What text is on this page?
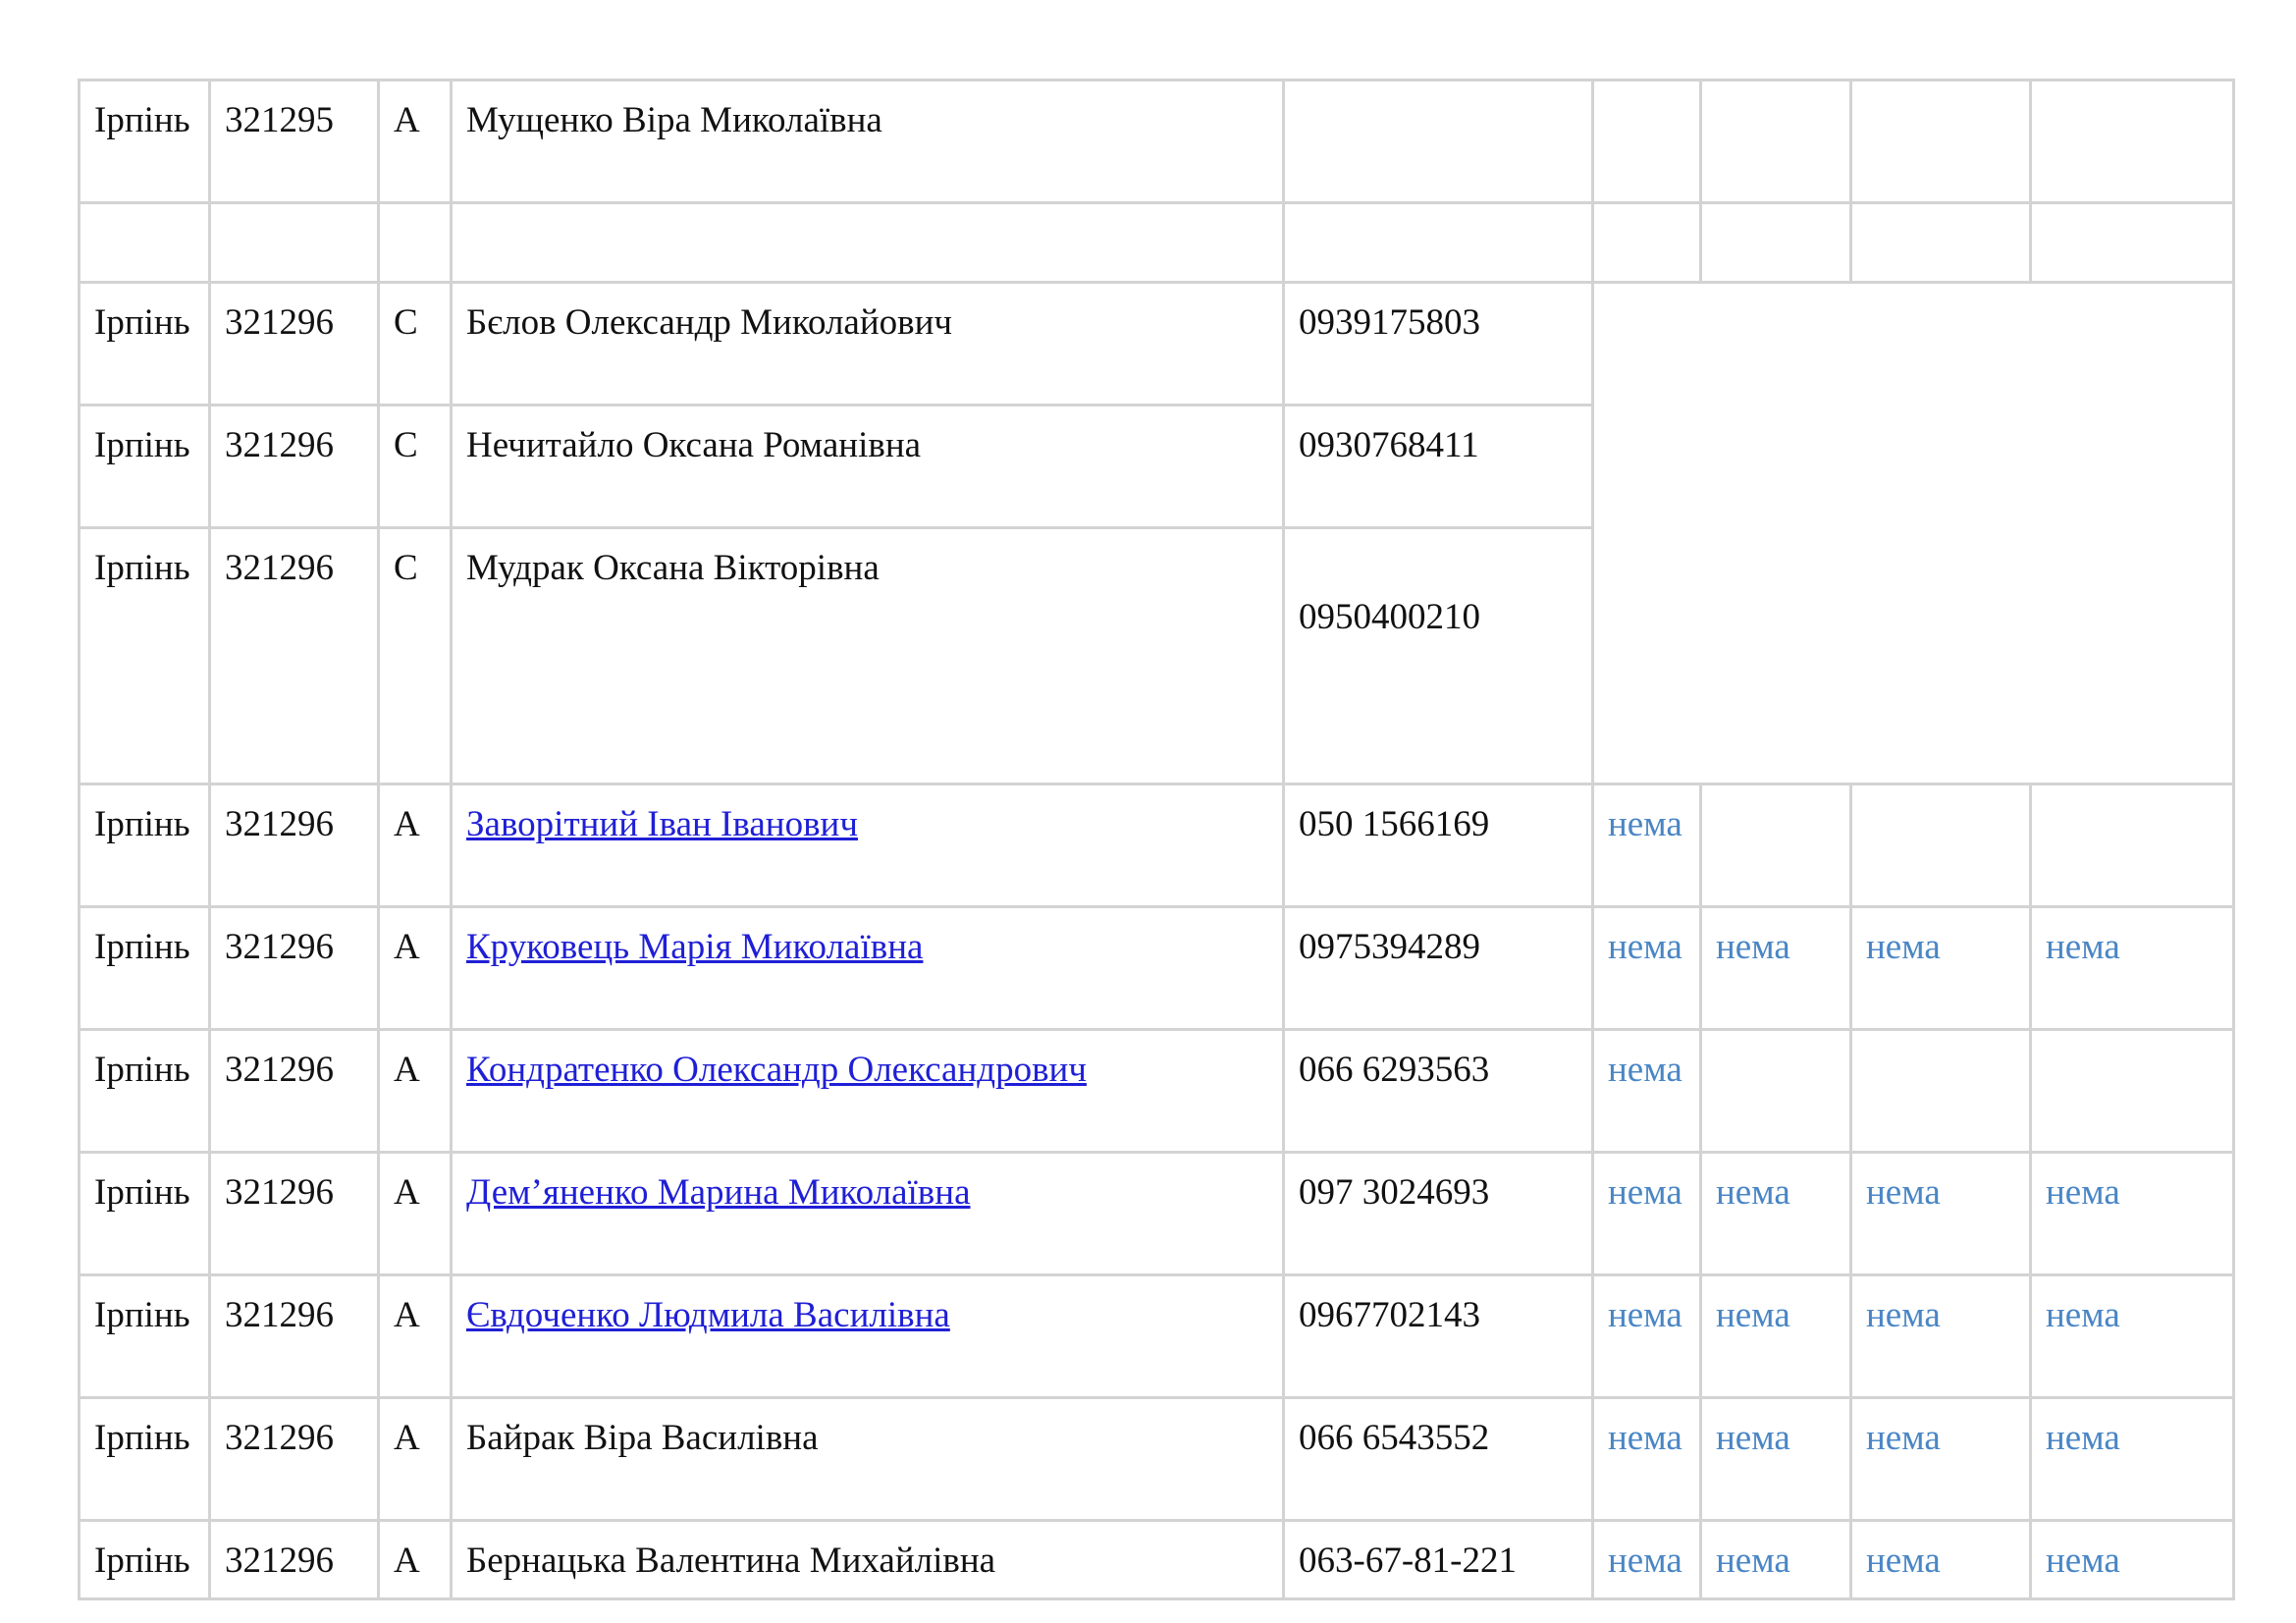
Ірпінь	321295	А	Мущенко Віра Миколаївна					

Ірпінь	321296	С	Бєлов Олександр Миколайович	0939175803				
Ірпінь	321296	С	Нечитайло Оксана Романівна	0930768411				
Ірпінь	321296	С	Мудрак Оксана Вікторівна	0950400210				
Ірпінь	321296	А	Заворітний Іван Іванович	050 1566169	нема			
Ірпінь	321296	А	Круковець Марія Миколаївна	0975394289	нема	нема	нема	нема
Ірпінь	321296	А	Кондратенко Олександр Олександрович	066 6293563	нема			
Ірпінь	321296	А	Дем’яненко Марина Миколаївна	097 3024693	нема	нема	нема	нема
Ірпінь	321296	А	Євдоченко Людмила Василівна	0967702143	нема	нема	нема	нема
Ірпінь	321296	А	Байрак Віра Василівна	066 6543552	нема	нема	нема	нема
Ірпінь	321296	А	Бернацька Валентина Михайлівна	063-67-81-221	нема	нема	нема	нема
